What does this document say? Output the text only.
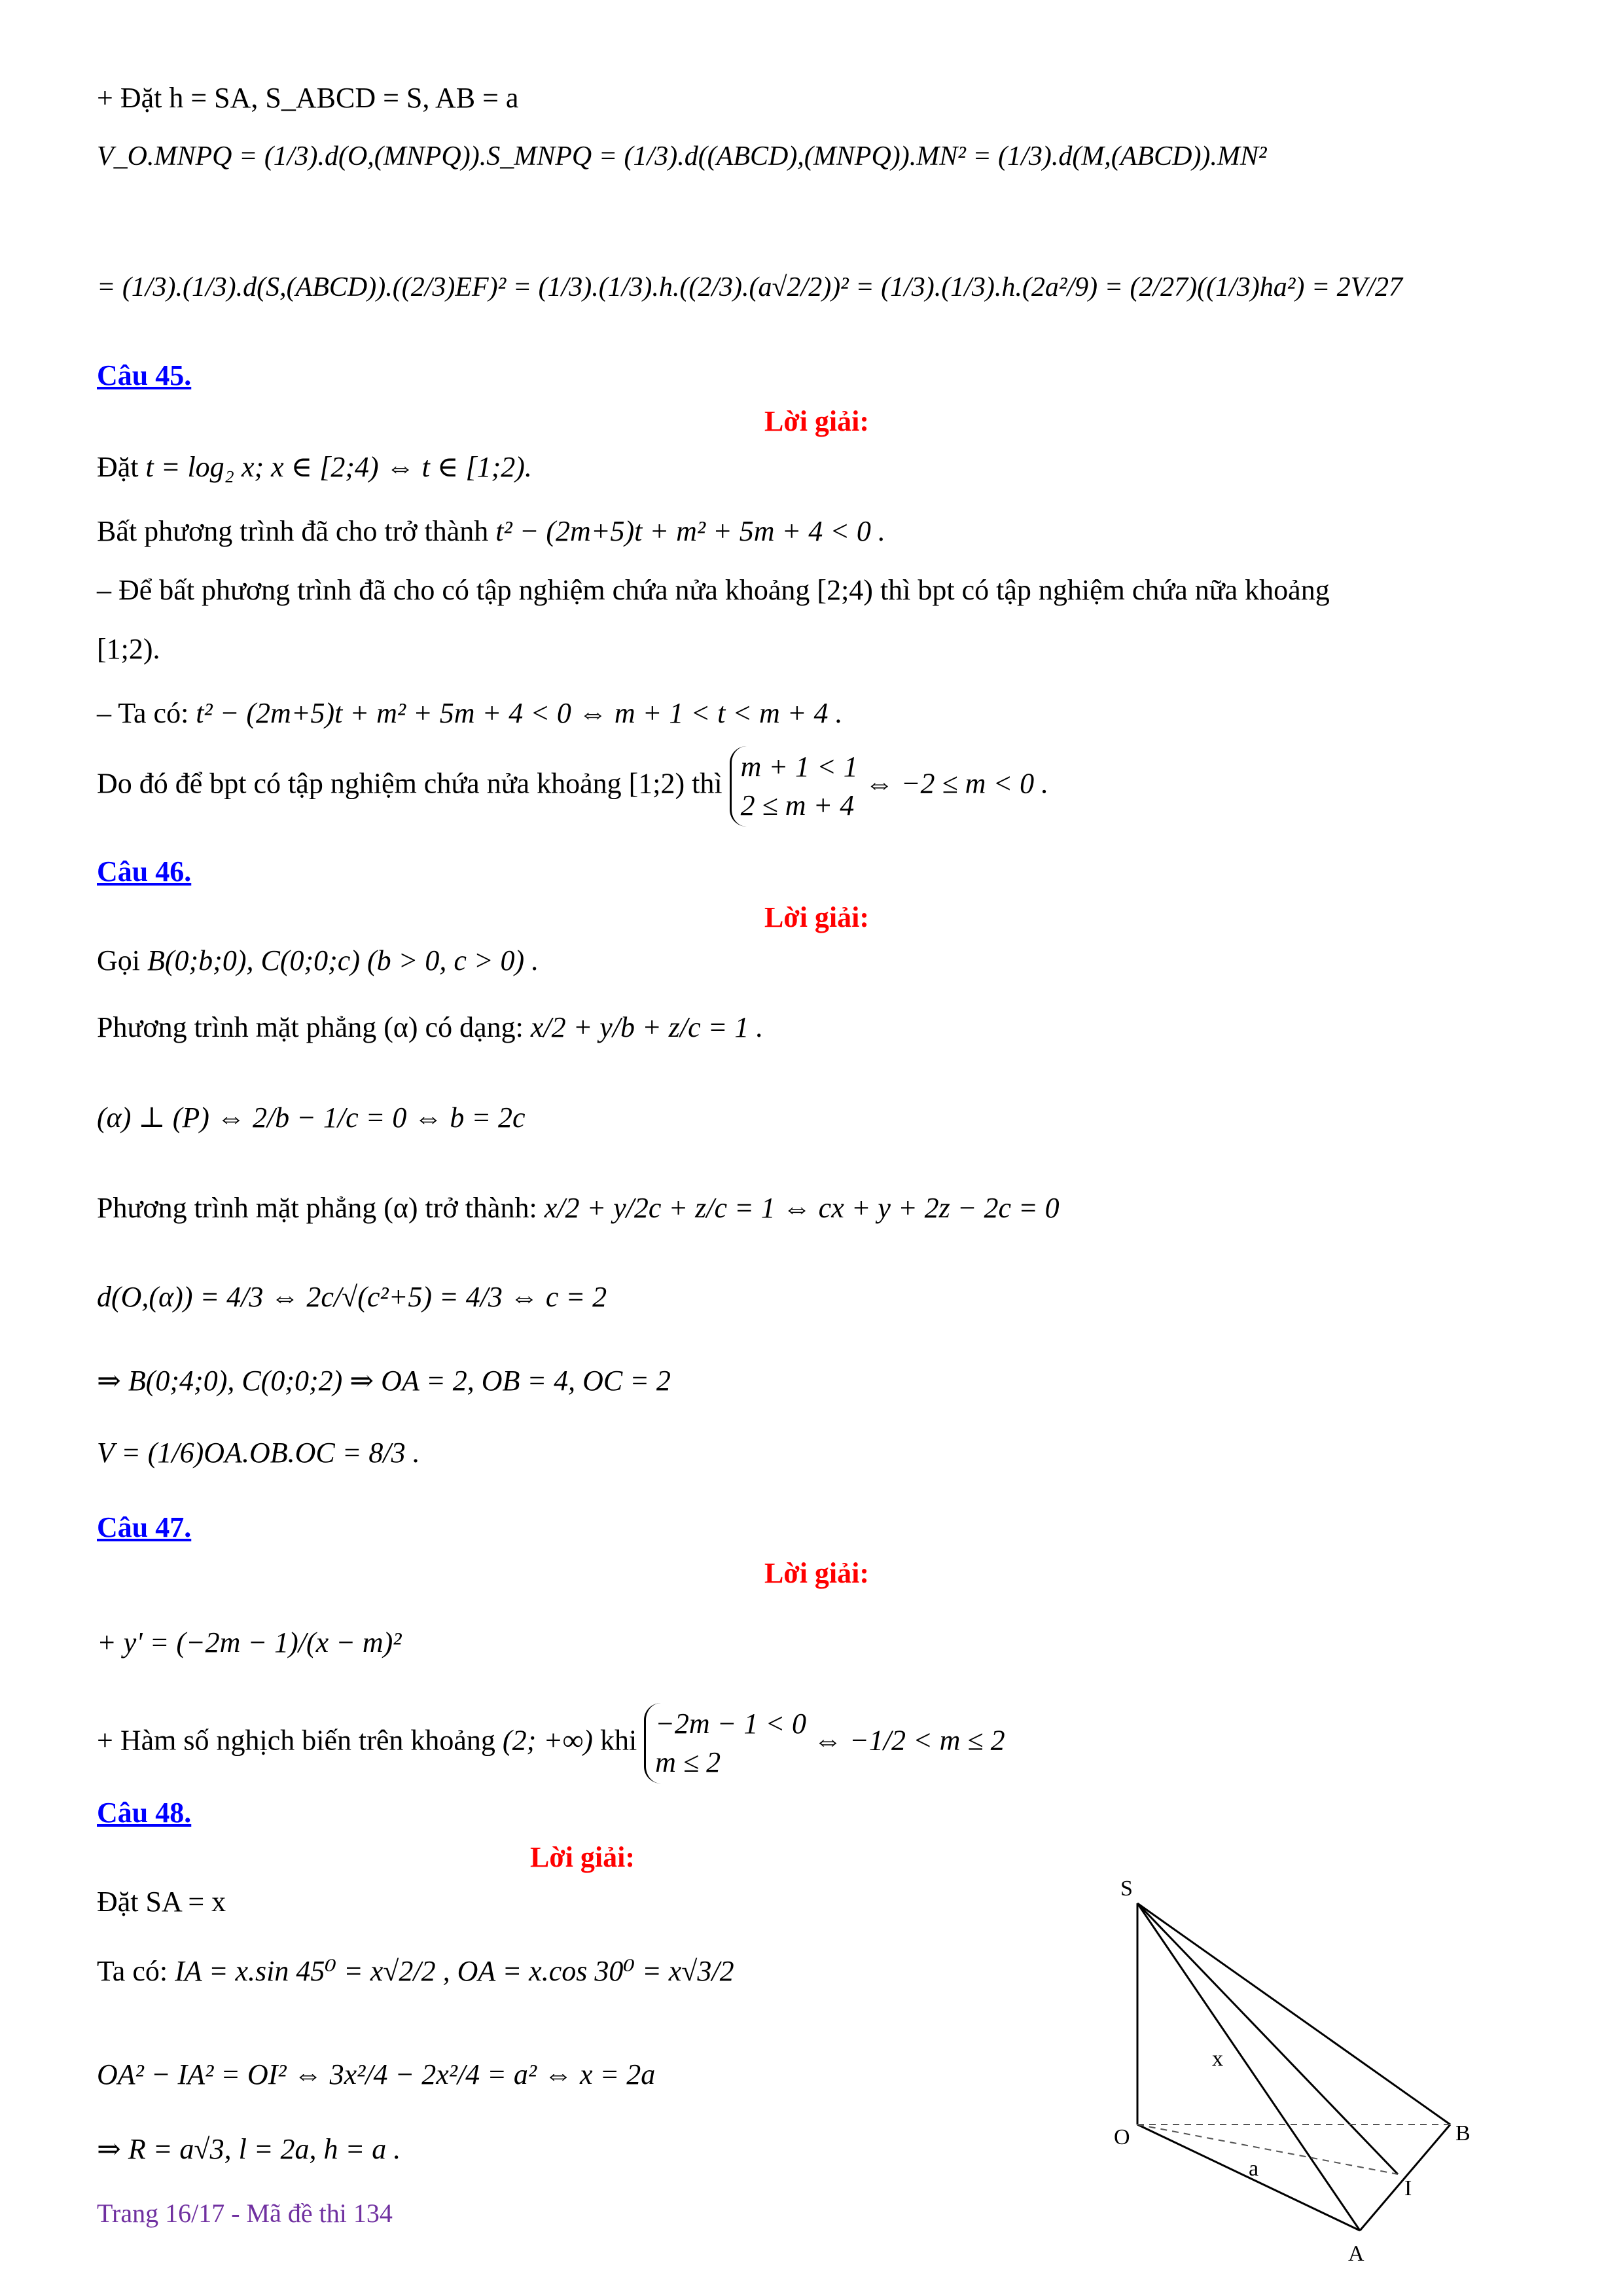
+ Đặt h = SA, S_ABCD = S, AB = a
V_O.MNPQ = (1/3).d(O,(MNPQ)).S_MNPQ = (1/3).d((ABCD),(MNPQ)).MN² = (1/3).d(M,(ABCD)).MN²
= (1/3).(1/3).d(S,(ABCD)).((2/3)EF)² = (1/3).(1/3).h.((2/3).(a√2/2))² = (1/3).(1/3).h.(2a²/9) = (2/27)((1/3)ha²) = 2V/27
Câu 45.
Lời giải:
Đặt t = log₂ x; x ∈ [2;4) ⇔ t ∈ [1;2).
Bất phương trình đã cho trở thành t² − (2m+5)t + m² + 5m + 4 < 0 .
– Để bất phương trình đã cho có tập nghiệm chứa nửa khoảng [2;4) thì bpt có tập nghiệm chứa nữa khoảng
[1;2).
– Ta có: t² − (2m+5)t + m² + 5m + 4 < 0 ⇔ m + 1 < t < m + 4 .
Do đó để bpt có tập nghiệm chứa nửa khoảng [1;2) thì
m + 1 < 1
2 ≤ m + 4
⇔ −2 ≤ m < 0 .
Câu 46.
Lời giải:
Gọi B(0;b;0), C(0;0;c) (b > 0, c > 0) .
Phương trình mặt phẳng (α) có dạng: x/2 + y/b + z/c = 1 .
(α) ⊥ (P) ⇔ 2/b − 1/c = 0 ⇔ b = 2c
Phương trình mặt phẳng (α) trở thành: x/2 + y/2c + z/c = 1 ⇔ cx + y + 2z − 2c = 0
d(O,(α)) = 4/3 ⇔ 2c/√(c²+5) = 4/3 ⇔ c = 2
⇒ B(0;4;0), C(0;0;2) ⇒ OA = 2, OB = 4, OC = 2
V = (1/6)OA.OB.OC = 8/3 .
Câu 47.
Lời giải:
+ y' = (−2m − 1)/(x − m)²
+ Hàm số nghịch biến trên khoảng (2; +∞) khi
−2m − 1 < 0
m ≤ 2
⇔ −1/2 < m ≤ 2
Câu 48.
Lời giải:
Đặt SA = x
Ta có: IA = x.sin 45⁰ = x√2/2 , OA = x.cos 30⁰ = x√3/2
OA² − IA² = OI² ⇔ 3x²/4 − 2x²/4 = a² ⇔ x = 2a
⇒ R = a√3, l = 2a, h = a .
S
O	B
I
A
x
a
Trang 16/17 - Mã đề thi 134
